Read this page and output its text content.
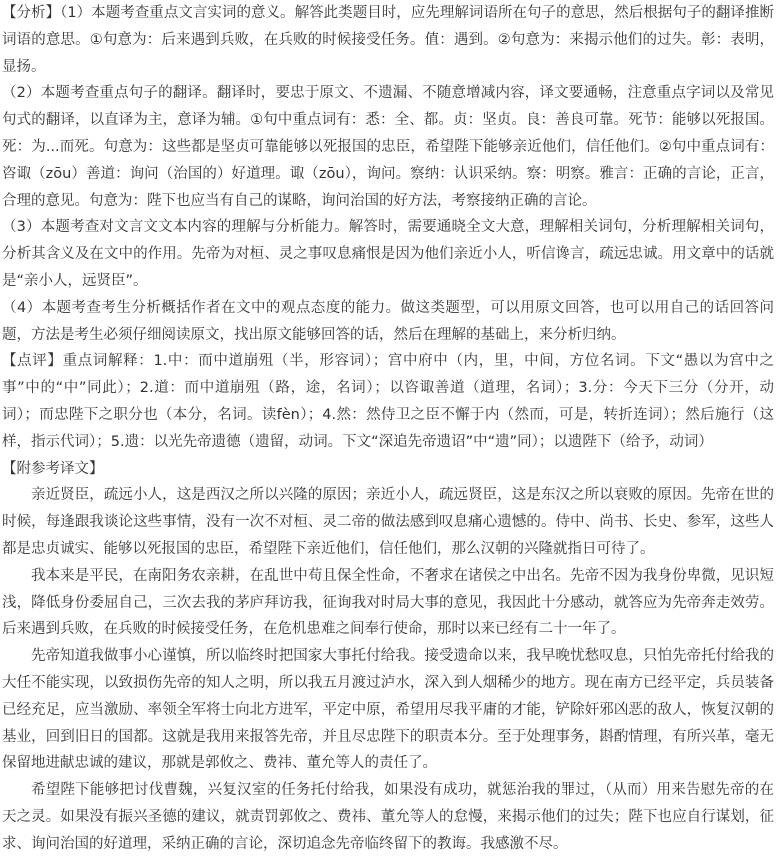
【分析】（1）本题考查重点文言实词的意义。解答此类题目时，应先理解词语所在句子的意思，然后根据句子的翻译推断词语的意思。①句意为：后来遇到兵败，在兵败的时候接受任务。值：遇到。②句意为：来揭示他们的过失。彰：表明，显扬。

（2）本题考查重点句子的翻译。翻译时，要忠于原文、不遗漏、不随意增减内容，译文要通畅，注意重点字词以及常见句式的翻译，以直译为主，意译为辅。①句中重点词有：悉：全、都。贞：坚贞。良：善良可靠。死节：能够以死报国。死：为...而死。句意为：这些都是坚贞可靠能够以死报国的忠臣，希望陛下能够亲近他们，信任他们。②句中重点词有：咨诹（zōu）善道：询问（治国的）好道理。诹（zōu），询问。察纳：认识采纳。察：明察。雅言：正确的言论，正言，合理的意见。句意为：陛下也应当有自己的谋略，询问治国的好方法，考察接纳正确的言论。

（3）本题考查对文言文文本内容的理解与分析能力。解答时，需要通晓全文大意，理解相关词句，分析理解相关词句，分析其含义及在文中的作用。先帝为对桓、灵之事叹息痛恨是因为他们亲近小人，听信谗言，疏远忠诚。用文章中的话就是“亲小人，远贤臣”。

（4）本题考查考生分析概括作者在文中的观点态度的能力。做这类题型，可以用原文回答，也可以用自己的话回答问题，方法是考生必须仔细阅读原文，找出原文能够回答的话，然后在理解的基础上，来分析归纳。

【点评】重点词解释：1.中：而中道崩殂（半，形容词）；宫中府中（内，里，中间，方位名词。下文“愚以为宫中之事”中的“中”同此）；2.道：而中道崩殂（路，途，名词）；以咨诹善道（道理，名词）；3.分：今天下三分（分开，动词）；而忠陛下之职分也（本分，名词。读fèn）；4.然：然侍卫之臣不懈于内（然而，可是，转折连词）；然后施行（这样，指示代词）；5.遗：以光先帝遗德（遗留，动词。下文“深追先帝遗诏”中“遗”同）；以遗陛下（给予，动词）

【附参考译文】

亲近贤臣，疏远小人，这是西汉之所以兴隆的原因；亲近小人，疏远贤臣，这是东汉之所以衰败的原因。先帝在世的时候，每逢跟我谈论这些事情，没有一次不对桓、灵二帝的做法感到叹息痛心遗憾的。侍中、尚书、长史、参军，这些人都是忠贞诚实、能够以死报国的忠臣，希望陛下亲近他们，信任他们，那么汉朝的兴隆就指日可待了。

我本来是平民，在南阳务农亲耕，在乱世中苟且保全性命，不奢求在诸侯之中出名。先帝不因为我身份卑微，见识短浅，降低身份委屈自己，三次去我的茅庐拜访我，征询我对时局大事的意见，我因此十分感动，就答应为先帝奔走效劳。后来遇到兵败，在兵败的时候接受任务，在危机患难之间奉行使命，那时以来已经有二十一年了。

先帝知道我做事小心谨慎，所以临终时把国家大事托付给我。接受遗命以来，我早晚忧愁叹息，只怕先帝托付给我的大任不能实现，以致损伤先帝的知人之明，所以我五月渡过泸水，深入到人烟稀少的地方。现在南方已经平定，兵员装备已经充足，应当激励、率领全军将士向北方进军，平定中原，希望用尽我平庸的才能，铲除奸邪凶恶的敌人，恢复汉朝的基业，回到旧日的国都。这就是我用来报答先帝，并且尽忠陛下的职责本分。至于处理事务，斟酌情理，有所兴革，毫无保留地进献忠诚的建议，那就是郭攸之、费祎、董允等人的责任了。

希望陛下能够把讨伐曹魏，兴复汉室的任务托付给我，如果没有成功，就惩治我的罪过，（从而）用来告慰先帝的在天之灵。如果没有振兴圣德的建议，就责罚郭攸之、费祎、董允等人的怠慢，来揭示他们的过失；陛下也应自行谋划，征求、询问治国的好道理，采纳正确的言论，深切追念先帝临终留下的教诲。我感激不尽。
